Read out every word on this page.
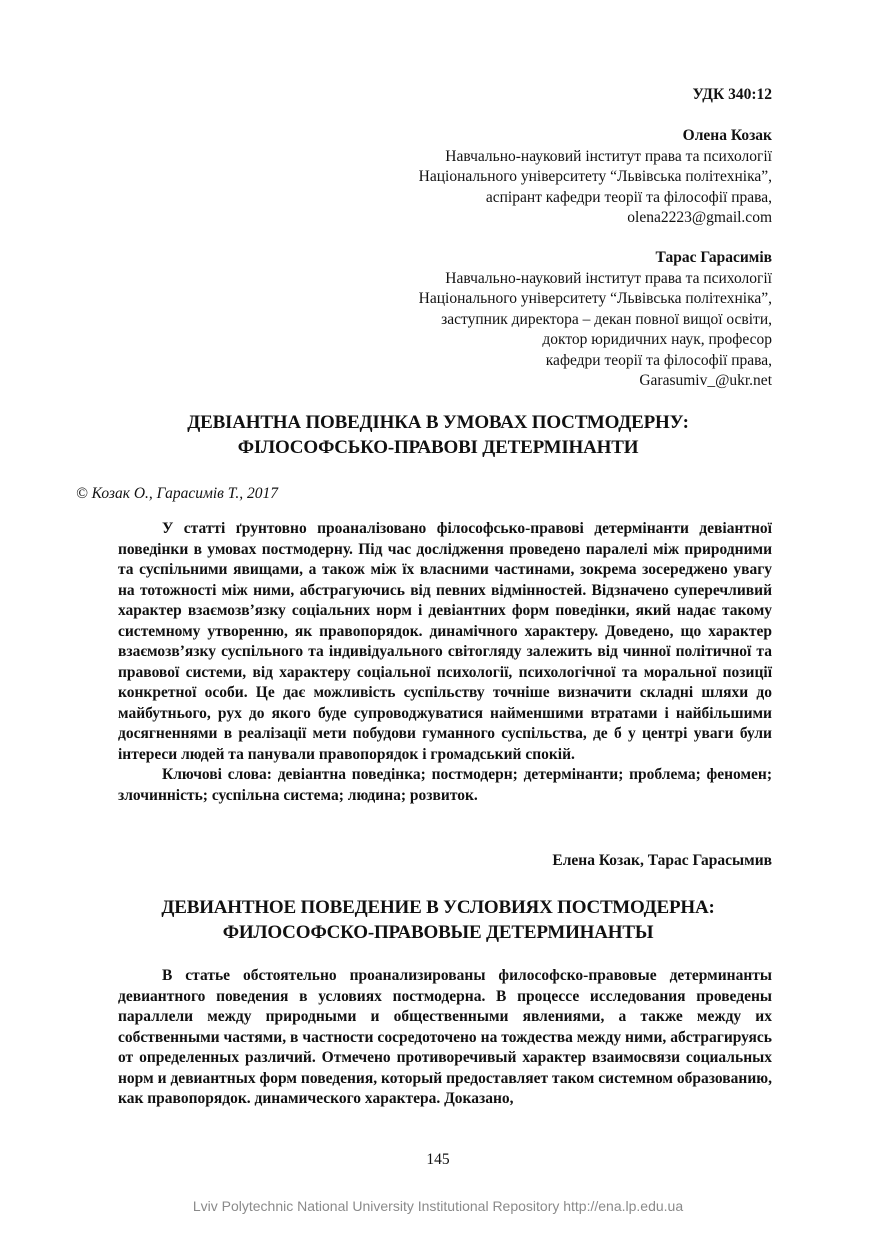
УДК 340:12
Олена Козак
Навчально-науковий інститут права та психології
Національного університету “Львівська політехніка”,
аспірант кафедри теорії та філософії права,
olena2223@gmail.com
Тарас Гарасимів
Навчально-науковий інститут права та психології
Національного університету “Львівська політехніка”,
заступник директора – декан повної вищої освіти,
доктор юридичних наук, професор
кафедри теорії та філософії права,
Garasumiv_@ukr.net
ДЕВІАНТНА ПОВЕДІНКА В УМОВАХ ПОСТМОДЕРНУ:
ФІЛОСОФСЬКО-ПРАВОВІ ДЕТЕРМІНАНТИ
© Козак О., Гарасимів Т., 2017

У статті ґрунтовно проаналізовано філософсько-правові детермінанти девіантної поведінки в умовах постмодерну. Під час дослідження проведено паралелі між природними та суспільними явищами, а також між їх власними частинами, зокрема зосереджено увагу на тотожності між ними, абстрагуючись від певних відмінностей. Відзначено суперечливий характер взаємозв’язку соціальних норм і девіантних форм поведінки, який надає такому системному утворенню, як правопорядок. динамічного характеру. Доведено, що характер взаємозв’язку суспільного та індивідуального світогляду залежить від чинної політичної та правової системи, від характеру соціальної психології, психологічної та моральної позиції конкретної особи. Це дає можливість суспільству точніше визначити складні шляхи до майбутнього, рух до якого буде супроводжуватися найменшими втратами і найбільшими досягненнями в реалізації мети побудови гуманного суспільства, де б у центрі уваги були інтереси людей та панували правопорядок і громадський спокій.

Ключові слова: девіантна поведінка; постмодерн; детермінанти; проблема; феномен; злочинність; суспільна система; людина; розвиток.

Елена Козак, Тарас Гарасымив
ДЕВИАНТНОЕ ПОВЕДЕНИЕ В УСЛОВИЯХ ПОСТМОДЕРНА:
ФИЛОСОФСКО-ПРАВОВЫЕ ДЕТЕРМИНАНТЫ

В статье обстоятельно проанализированы философско-правовые детерминанты девиантного поведения в условиях постмодерна. В процессе исследования проведены параллели между природными и общественными явлениями, а также между их собственными частями, в частности сосредоточено на тождества между ними, абстрагируясь от определенных различий. Отмечено противоречивый характер взаимосвязи социальных норм и девиантных форм поведения, который предоставляет таком системном образованию, как правопорядок. динамического характера. Доказано,

145
Lviv Polytechnic National University Institutional Repository http://ena.lp.edu.ua
